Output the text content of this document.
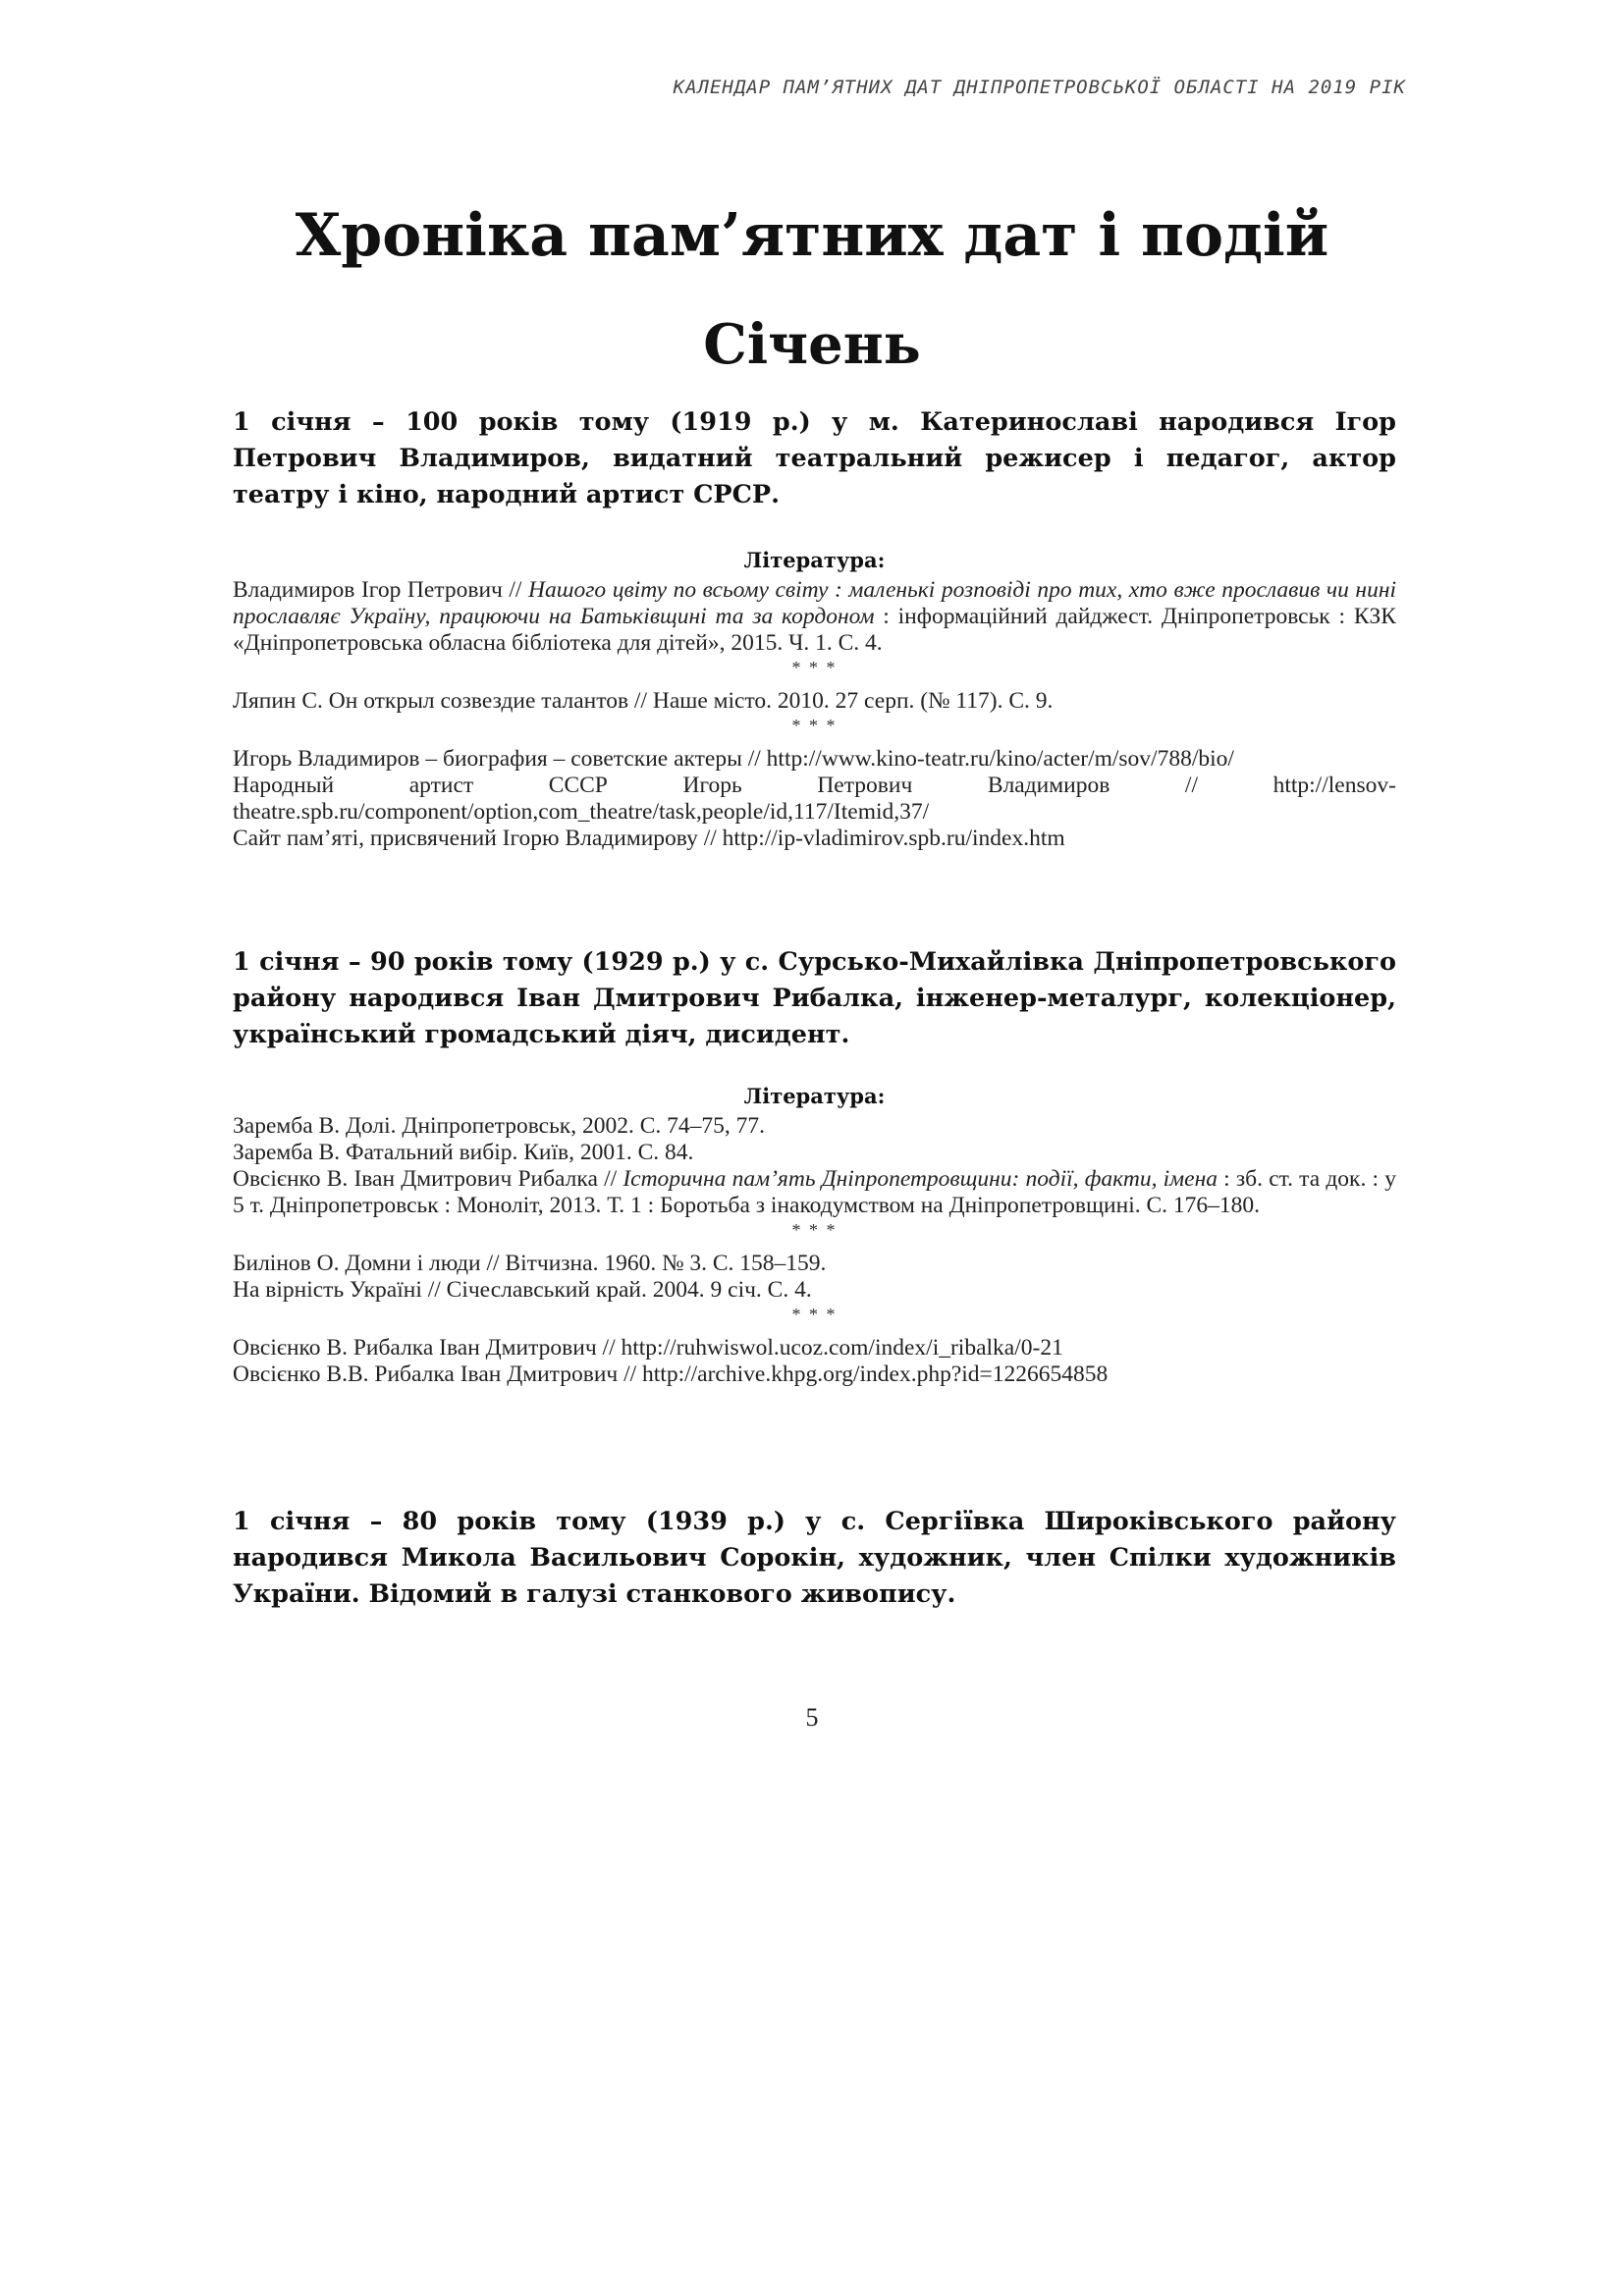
КАЛЕНДАР ПАМ’ЯТНИХ ДАТ ДНІПРОПЕТРОВСЬКОЇ ОБЛАСТІ НА 2019 РІК
Хроніка пам’ятних дат і подій
Січень

1 січня – 100 років тому (1919 р.) у м. Катеринославі народився Ігор Петрович Владимиров, видатний театральний режисер і педагог, актор театру і кіно, народний артист СРСР.

Література:

Владимиров Ігор Петрович // Нашого цвіту по всьому світу : маленькі розповіді про тих, хто вже прославив чи нині прославляє Україну, працюючи на Батьківщині та за кордоном : інформаційний дайджест. Дніпропетровськ : КЗК «Дніпропетровська обласна бібліотека для дітей», 2015. Ч. 1. С. 4.

* * *

Ляпин С. Он открыл созвездие талантов // Наше місто. 2010. 27 серп. (№ 117). С. 9.

* * *

Игорь Владимиров – биография – советские актеры // http://www.kino-teatr.ru/kino/acter/m/sov/788/bio/

Народный	артист	СССР	Игорь	Петрович	Владимиров	//	http://lensov-

theatre.spb.ru/component/option,com_theatre/task,people/id,117/Itemid,37/

Сайт пам’яті, присвячений Ігорю Владимирову // http://ip-vladimirov.spb.ru/index.htm

1 січня – 90 років тому (1929 р.) у с. Сурсько-Михайлівка Дніпропетровського району народився Іван Дмитрович Рибалка, інженер-металург, колекціонер, український громадський діяч, дисидент.

Література:

Заремба В. Долі. Дніпропетровськ, 2002. С. 74–75, 77.

Заремба В. Фатальний вибір. Київ, 2001. С. 84.

Овсієнко В. Іван Дмитрович Рибалка // Історична пам’ять Дніпропетровщини: події, факти, імена : зб. ст. та док. : у 5 т. Дніпропетровськ : Моноліт, 2013. Т. 1 : Боротьба з інакодумством на Дніпропетровщині. С. 176–180.

* * *

Билінов О. Домни і люди // Вітчизна. 1960. № 3. С. 158–159.

На вірність Україні // Січеславський край. 2004. 9 січ. С. 4.

* * *

Овсієнко В. Рибалка Іван Дмитрович // http://ruhwiswol.ucoz.com/index/i_ribalka/0-21

Овсієнко В.В. Рибалка Іван Дмитрович // http://archive.khpg.org/index.php?id=1226654858

1 січня – 80 років тому (1939 р.) у с. Сергіївка Широківського району народився Микола Васильович Сорокін, художник, член Спілки художників України. Відомий в галузі станкового живопису.

5
